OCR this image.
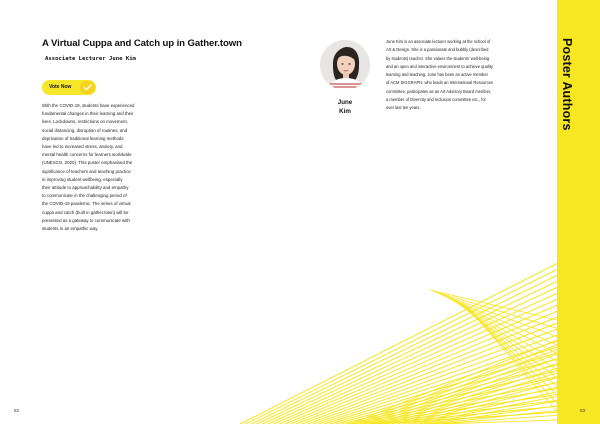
A Virtual Cuppa and Catch up in Gather.town
Associate Lecturer June Kim
Vote Now

With the COVID-19, students have experienced
fundamental changes in their learning and their
lives. Lockdowns, restrictions on movement,
social distancing, disruption of routines, and
deprivation of traditional learning methods
have led to increased stress, anxiety, and
mental health concerns for learners worldwide
(UNESCO, 2020). This poster emphasised the
significance of teachers and teaching practice
in improving student wellbeing, especially
their attitude to approachability and empathy
to communicate in the challenging period of
the COVID-19 pandemic. The series of virtual
cuppa and catch (built in gather.town) will be
presented as a gateway to communicate with
students in an empathic way.

June
Kim

June Kim is an associate lecturer working at the school of
Art & Design. She is a passionate and bubbly (described
by students) teacher. She values the students' well-being
and an open and interactive environment to achieve quality
learning and teaching. June has been an active member
of ACM SIGGRAPH, who leads an International Resources
committee, participates as an Art Advisory Board member,
a member of Diversity and Inclusion committee etc., for
over last ten years.	Poster Authors
52	53
